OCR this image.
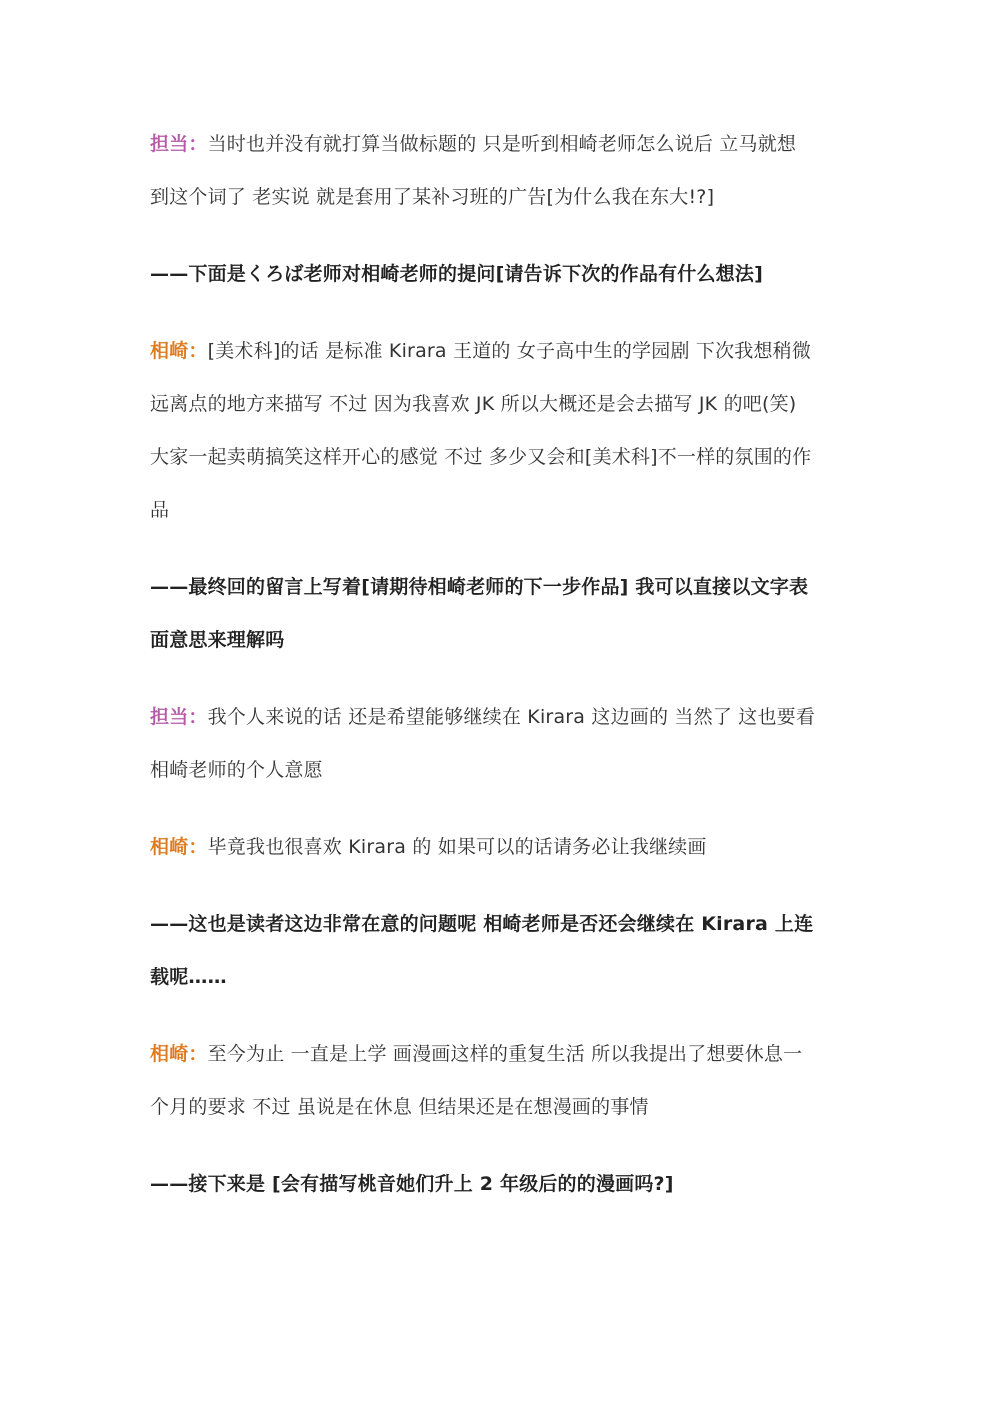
担当：当时也并没有就打算当做标题的 只是听到相崎老师怎么说后 立马就想
到这个词了 老实说 就是套用了某补习班的广告[为什么我在东大!?]
——下面是くろば老师对相崎老师的提问[请告诉下次的作品有什么想法]
相崎：[美术科]的话 是标准 Kirara 王道的 女子高中生的学园剧 下次我想稍微
远离点的地方来描写 不过 因为我喜欢 JK 所以大概还是会去描写 JK 的吧(笑)
大家一起卖萌搞笑这样开心的感觉 不过 多少又会和[美术科]不一样的氛围的作
品
——最终回的留言上写着[请期待相崎老师的下一步作品] 我可以直接以文字表
面意思来理解吗
担当：我个人来说的话 还是希望能够继续在 Kirara 这边画的 当然了 这也要看
相崎老师的个人意愿
相崎：毕竟我也很喜欢 Kirara 的 如果可以的话请务必让我继续画
——这也是读者这边非常在意的问题呢 相崎老师是否还会继续在 Kirara 上连
载呢……
相崎：至今为止 一直是上学 画漫画这样的重复生活 所以我提出了想要休息一
个月的要求 不过 虽说是在休息 但结果还是在想漫画的事情
——接下来是 [会有描写桃音她们升上 2 年级后的的漫画吗?]
